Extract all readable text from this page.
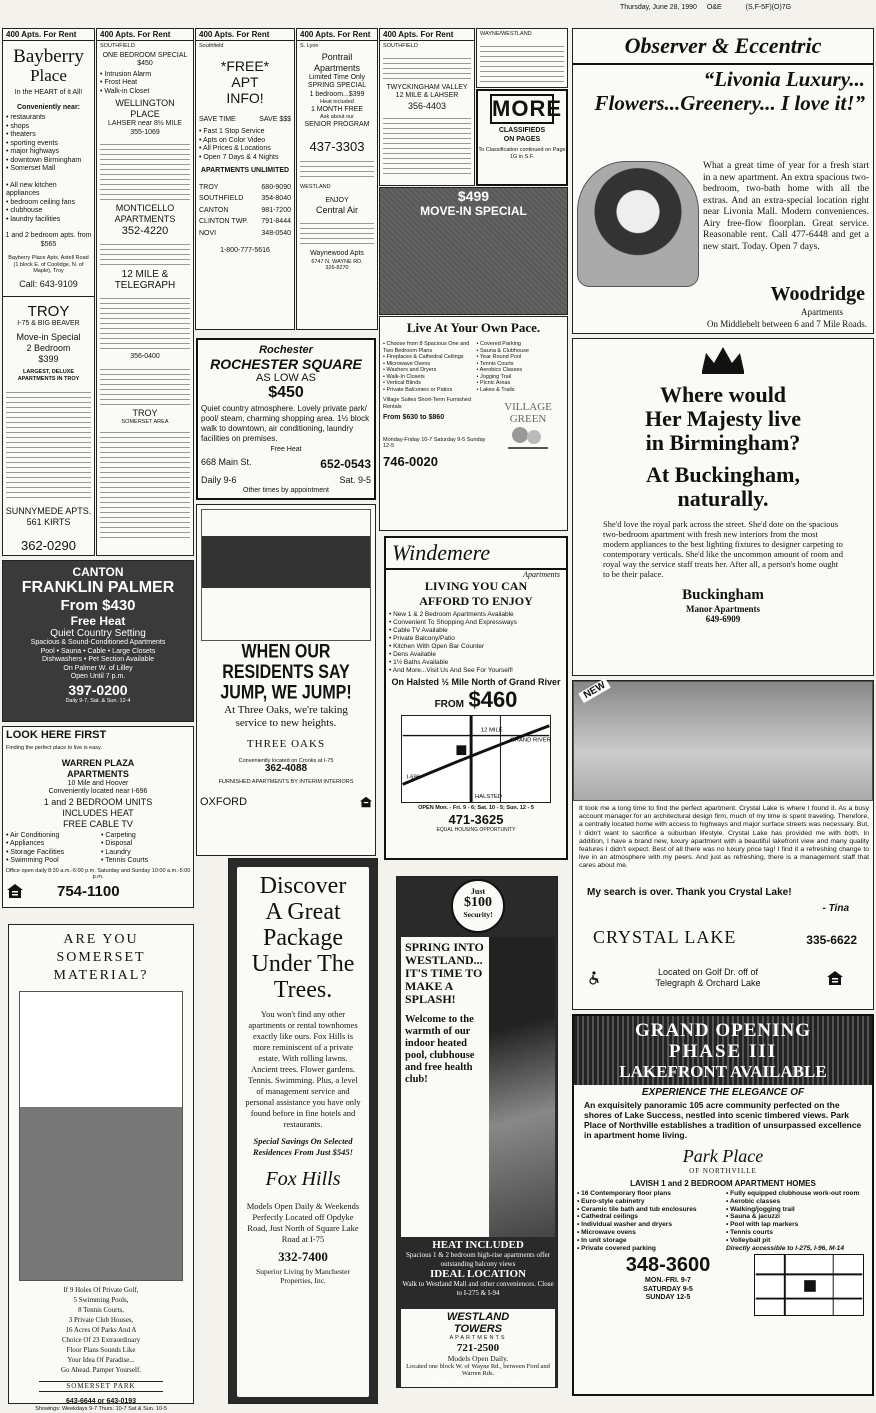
Thursday, June 28, 1990 O&E	(S,F-5F)(O)7G
400 Apts. For Rent
Bayberry
Place
In the HEART of it All!
Conveniently near:
• restaurants
• shops
• theaters
• sporting events
• major highways
• downtown Birmingham
• Somerset Mall
• All new kitchen appliances
• bedroom ceiling fans
• clubhouse
• laundry facilities
1 and 2 bedroom apts. from $565
Bayberry Place Apts. Axtell Road (1 block E. of Coolidge, N. of Maple), Troy
Call: 643-9109
TROY
I-75 & BIG BEAVER
Move-in Special
2 Bedroom
$399
LARGEST, DELUXE APARTMENTS IN TROY
SUNNYMEDE APTS.
561 KIRTS
362-0290
400 Apts. For Rent
SOUTHFIELD
ONE BEDROOM SPECIAL
$450
• Intrusion Alarm
• Frost Heat
• Walk-in Closet
WELLINGTON
PLACE
LAHSER near 8½ MILE
355-1069
MONTICELLO
APARTMENTS
352-4220
12 MILE &
TELEGRAPH
356-0400
TROY
SOMERSET AREA
400 Apts. For Rent
Southfield
*FREE*
APT
INFO!
SAVE TIME	SAVE $$$
• Fast 1 Stop Service
• Apts on Color Video
• All Prices & Locations
• Open 7 Days & 4 Nights
APARTMENTS UNLIMITED
TROY	680-9090
SOUTHFIELD	354-8040
CANTON	981-7200
CLINTON TWP. 791-8444
NOVI	348-0540
1-800-777-5616
400 Apts. For Rent
S. Lyon
Pontrail
Apartments
Limited Time Only
SPRING SPECIAL
1 bedroom...$399
Heat included
1 MONTH FREE
Ask about our
SENIOR PROGRAM
437-3303
WESTLAND
ENJOY
Central Air
Waynewood Apts
6747 N. WAYNE RD.
326-8270
400 Apts. For Rent
SOUTHFIELD
TWYCKINGHAM VALLEY
12 MILE & LAHSER
356-4403
WAYNE/WESTLAND
MORE
CLASSIFIEDS
ON PAGES
To Classification continued on Page 1G in S.F.
$499
MOVE-IN SPECIAL
Live At Your Own Pace.
• Choose from 8 Spacious One and Two Bedroom Plans
• Fireplaces & Cathedral Ceilings
• Microwave Ovens
• Washers and Dryers
• Walk-In Closets
• Vertical Blinds
• Private Balconies or Patios
• Covered Parking
• Sauna & Clubhouse
• Year Round Pool
• Tennis Courts
• Aerobics Classes
• Jogging Trail
• Picnic Areas
• Lakes & Trails
Village Suites Short-Term Furnished Rentals
From $630 to $860
Monday-Friday 10-7 Saturday 9-5 Sunday 12-5
746-0020
VILLAGE GREEN
Observer & Eccentric
“Livonia Luxury... Flowers...Greenery... I love it!”
What a great time of year for a fresh start in a new apartment. An extra spacious two-bedroom, two-bath home with all the extras. And an extra-special location right near Livonia Mall. Modern conveniences. Airy free-flow floorplan. Great service. Reasonable rent. Call 477-6448 and get a new start. Today. Open 7 days.
Woodridge
Apartments
On Middlebelt between 6 and 7 Mile Roads.
CANTON
FRANKLIN PALMER
From $430
Free Heat
Quiet Country Setting
Spacious & Sound-Conditioned Apartments
Pool • Sauna • Cable • Large Closets
Dishwashers • Pet Section Available
On Palmer W. of Lilley
Open Until 7 p.m.
397-0200
Daily 9-7, Sat. & Sun. 12-4
LOOK HERE FIRST
Finding the perfect place to live is easy.
WARREN PLAZA
APARTMENTS
10 Mile and Hoover
Conveniently located near I-696
1 and 2 BEDROOM UNITS
INCLUDES HEAT
FREE CABLE TV
• Air Conditioning
• Appliances
• Storage Facilities
• Swimming Pool
• Carpeting
• Disposal
• Laundry
• Tennis Courts
Office open daily 8:30 a.m.-6:00 p.m. Saturday and Sunday 10:00 a.m.-5:00 p.m.
754-1100
ARE YOU SOMERSET MATERIAL?
If 9 Holes Of Private Golf,
5 Swimming Pools,
8 Tennis Courts,
3 Private Club Houses,
16 Acres Of Parks And A
Choice Of 23 Extraordinary
Floor Plans Sounds Like
Your Idea Of Paradise...
Go Ahead. Pamper Yourself.
SOMERSET PARK
643-6644 or 643-0193
Showings: Weekdays 9-7 Thurs. 10-7 Sat & Sun. 10-5
Rochester
ROCHESTER SQUARE
AS LOW AS
$450
Quiet country atmosphere. Lovely private park/ pool/ steam, charming shopping area. 1½ block walk to downtown, air conditioning, laundry facilities on premises.
Free Heat
668 Main St.	652-0543
Daily 9-6	Sat. 9-5
Other times by appointment
WHEN OUR RESIDENTS SAY JUMP, WE JUMP!
At Three Oaks, we're taking service to new heights.
THREE OAKS
Conveniently located on Crooks at I-75
362-4088
FURNISHED APARTMENTS BY INTERIM INTERIORS
OXFORD
Discover
A Great
Package
Under The
Trees.
You won't find any other apartments or rental townhomes exactly like ours. Fox Hills is more reminiscent of a private estate. With rolling lawns. Ancient trees. Flower gardens. Tennis. Swimming. Plus, a level of management service and personal assistance you have only found before in fine hotels and restaurants.
Special Savings On Selected Residences From Just $545!
Fox Hills
Models Open Daily & Weekends Perfectly Located off Opdyke Road, Just North of Square Lake Road at I-75
332-7400
Superior Living by Manchester Properties, Inc.
Windemere
Apartments
LIVING YOU CAN
AFFORD TO ENJOY
• New 1 & 2 Bedroom Apartments Available
• Convenient To Shopping And Expressways
• Cable TV Available
• Private Balcony/Patio
• Kitchen With Open Bar Counter
• Dens Available
• 1½ Baths Available
• And More...Visit Us And See For Yourself!
On Halsted ½ Mile North of Grand River
FROM $460
HALSTED
GRAND RIVER
12 MILE
I-696
OPEN Mon. - Fri. 9 - 6; Sat. 10 - 5; Sun. 12 - 5
471-3625
EQUAL HOUSING OPPORTUNITY
Just
$100
Security!
SPRING INTO WESTLAND... IT'S TIME TO MAKE A SPLASH!
Welcome to the warmth of our indoor heated pool, clubhouse and free health club!
HEAT INCLUDED
Spacious 1 & 2 bedroom high-rise apartments offer outstanding balcony views
IDEAL LOCATION
Walk to Westland Mall and other conveniences. Close to I-275 & I-94
WESTLAND
TOWERS
APARTMENTS
721-2500
Models Open Daily.
Located one block W. of Wayne Rd., between Ford and Warren Rds.
Limited Offer, New Residents Only!
Where would
Her Majesty live
in Birmingham?
At Buckingham,
naturally.
She'd love the royal park across the street. She'd dote on the spacious two-bedroom apartment with fresh new interiors from the most modern appliances to the best lighting fixtures to designer carpeting to contemporary verticals. She'd like the uncommon amount of room and royal way the service staff treats her. After all, a person's home ought to be their palace.
Buckingham
Manor Apartments
649-6909
NEW
It took me a long time to find the perfect apartment. Crystal Lake is where I found it. As a busy account manager for an architectural design firm, much of my time is spent traveling. Therefore, a centrally located home with access to highways and major surface streets was necessary. But, I didn't want to sacrifice a suburban lifestyle. Crystal Lake has provided me with both. In addition, I have a brand new, luxury apartment with a beautiful lakefront view and many quality features I didn't expect. Best of all there was no luxury price tag! I find it a refreshing change to live in an atmosphere with my peers. And just as refreshing, there is a management staff that cares about me.
My search is over. Thank you Crystal Lake!
- Tina
CRYSTAL LAKE	335-6622
Located on Golf Dr. off of
Telegraph & Orchard Lake
GRAND OPENING
PHASE III
LAKEFRONT AVAILABLE
EXPERIENCE THE ELEGANCE OF
An exquisitely panoramic 105 acre community perfected on the shores of Lake Success, nestled into scenic timbered views. Park Place of Northville establishes a tradition of unsurpassed excellence in apartment home living.
Park Place
OF NORTHVILLE
LAVISH 1 and 2 BEDROOM APARTMENT HOMES
• 16 Contemporary floor plans
• Euro-style cabinetry
• Ceramic tile bath and tub enclosures
• Cathedral ceilings
• Individual washer and dryers
• Microwave ovens
• In unit storage
• Private covered parking
• Fully equipped clubhouse work-out room
• Aerobic classes
• Walking/jogging trail
• Sauna & jacuzzi
• Pool with lap markers
• Tennis courts
• Volleyball pit
Directly accessible to I-275, I-96, M-14
348-3600
MON.-FRI. 9-7
SATURDAY 9-5
SUNDAY 12-5
